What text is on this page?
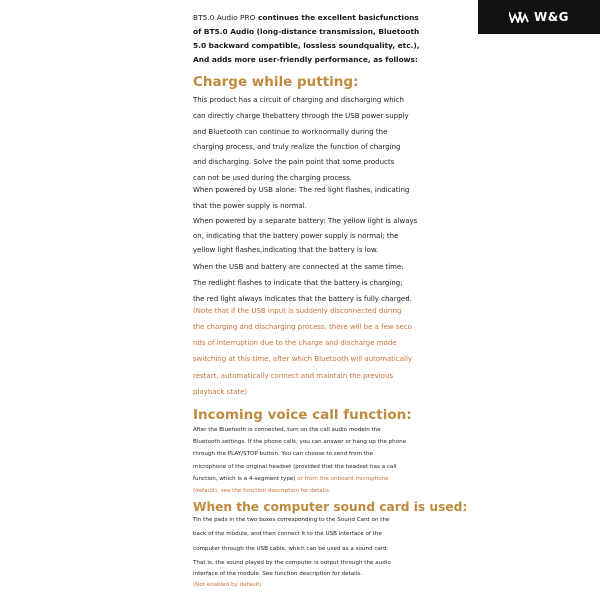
W&G
BT5.0 Audio PRO continues the excellent basicfunctions
of BT5.0 Audio (long-distance transmission, Bluetooth
5.0 backward compatible, lossless soundquality, etc.),
And adds more user-friendly performance, as follows:
Charge while putting:
This product has a circuit of charging and discharging which
can directly charge thebattery through the USB power supply
and Bluetooth can continue to worknormally during the
charging process, and truly realize the function of charging
and discharging. Solve the pain point that some products
can not be used during the charging process.
When powered by USB alone: The red light flashes, indicating
that the power supply is normal.
When powered by a separate battery: The yellow light is always
on, indicating that the battery power supply is normal; the
yellow light flashes,indicating that the battery is low.
When the USB and battery are connected at the same time:
The redlight flashes to indicate that the battery is charging;
the red light always indicates that the battery is fully charged.
(Note that if the USB input is suddenly disconnected during
the charging and discharging process, there will be a few seco
nds of interruption due to the charge and discharge mode
switching at this time, after which Bluetooth will automatically
restart, automatically connect and maintain the previous
playback state)
Incoming voice call function:
After the Bluetooth is connected, turn on the call audio modein the
Bluetooth settings. If the phone calls, you can answer or hang up the phone
through the PLAY/STOP button. You can choose to send from the
microphone of the original headset (provided that the headset has a call
function, which is a 4-segment type) or from the onboard microphone
(default), see the function description for details.
When the computer sound card is used:
Tin the pads in the two boxes corresponding to the Sound Card on the
back of the module, and then connect it to the USB interface of the
computer through the USB cable, which can be used as a sound card.
That is, the sound played by the computer is output through the audio
interface of the module. See function description for details.
(Not enabled by default)
